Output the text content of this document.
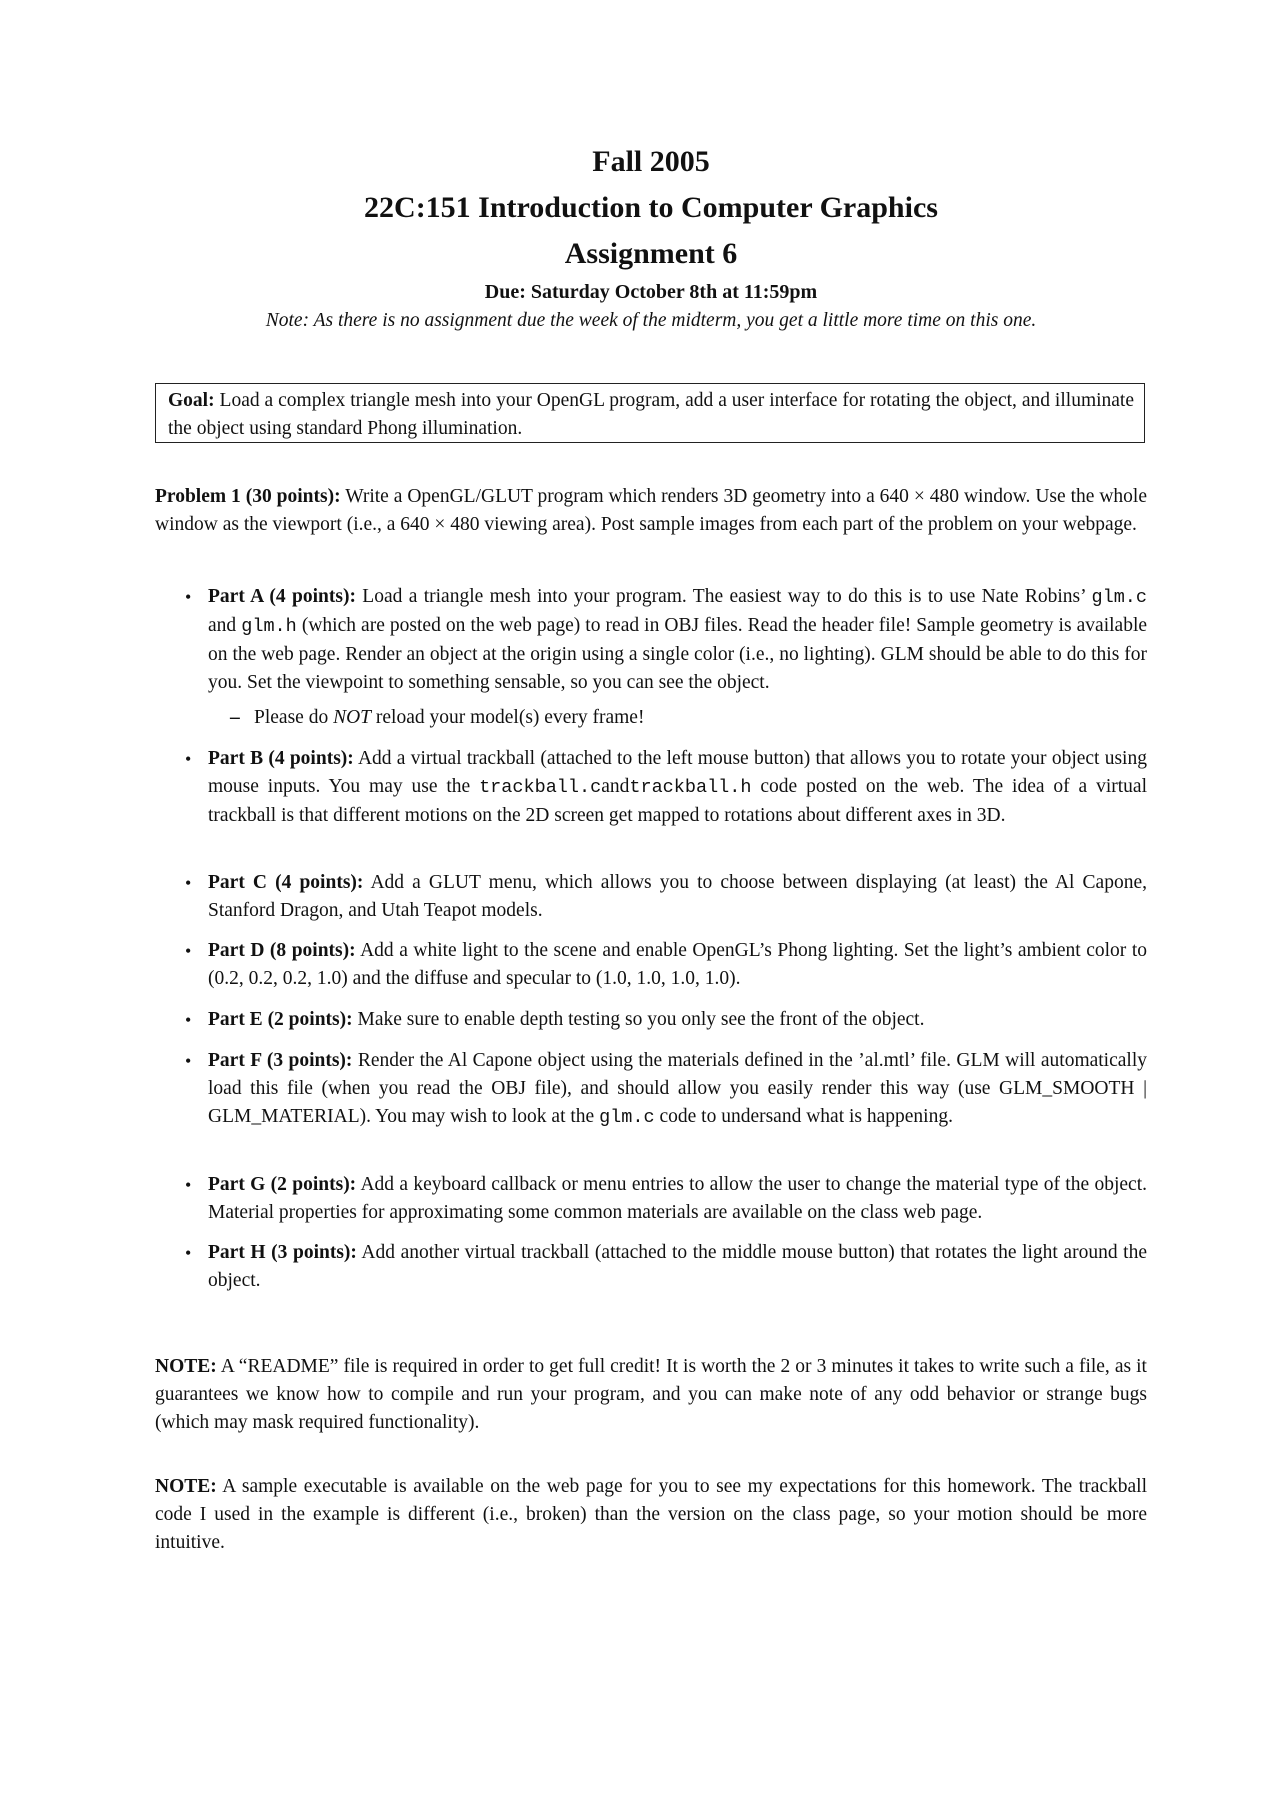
Fall 2005
22C:151 Introduction to Computer Graphics
Assignment 6
Due: Saturday October 8th at 11:59pm
Note: As there is no assignment due the week of the midterm, you get a little more time on this one.
Goal: Load a complex triangle mesh into your OpenGL program, add a user interface for rotating the object, and illuminate the object using standard Phong illumination.
Problem 1 (30 points): Write a OpenGL/GLUT program which renders 3D geometry into a 640 × 480 window. Use the whole window as the viewport (i.e., a 640 × 480 viewing area). Post sample images from each part of the problem on your webpage.
• Part A (4 points): Load a triangle mesh into your program. The easiest way to do this is to use Nate Robins’ glm.c and glm.h (which are posted on the web page) to read in OBJ files. Read the header file! Sample geometry is available on the web page. Render an object at the origin using a single color (i.e., no lighting). GLM should be able to do this for you. Set the viewpoint to something sensable, so you can see the object.
– Please do NOT reload your model(s) every frame!
• Part B (4 points): Add a virtual trackball (attached to the left mouse button) that allows you to rotate your object using mouse inputs. You may use the trackball.candtrackball.h code posted on the web. The idea of a virtual trackball is that different motions on the 2D screen get mapped to rotations about different axes in 3D.
• Part C (4 points): Add a GLUT menu, which allows you to choose between displaying (at least) the Al Capone, Stanford Dragon, and Utah Teapot models.
• Part D (8 points): Add a white light to the scene and enable OpenGL’s Phong lighting. Set the light’s ambient color to (0.2, 0.2, 0.2, 1.0) and the diffuse and specular to (1.0, 1.0, 1.0, 1.0).
• Part E (2 points): Make sure to enable depth testing so you only see the front of the object.
• Part F (3 points): Render the Al Capone object using the materials defined in the ’al.mtl’ file. GLM will automatically load this file (when you read the OBJ file), and should allow you easily render this way (use GLM_SMOOTH | GLM_MATERIAL). You may wish to look at the glm.c code to undersand what is happening.
• Part G (2 points): Add a keyboard callback or menu entries to allow the user to change the material type of the object. Material properties for approximating some common materials are available on the class web page.
• Part H (3 points): Add another virtual trackball (attached to the middle mouse button) that rotates the light around the object.
NOTE: A “README” file is required in order to get full credit! It is worth the 2 or 3 minutes it takes to write such a file, as it guarantees we know how to compile and run your program, and you can make note of any odd behavior or strange bugs (which may mask required functionality).
NOTE: A sample executable is available on the web page for you to see my expectations for this homework. The trackball code I used in the example is different (i.e., broken) than the version on the class page, so your motion should be more intuitive.
